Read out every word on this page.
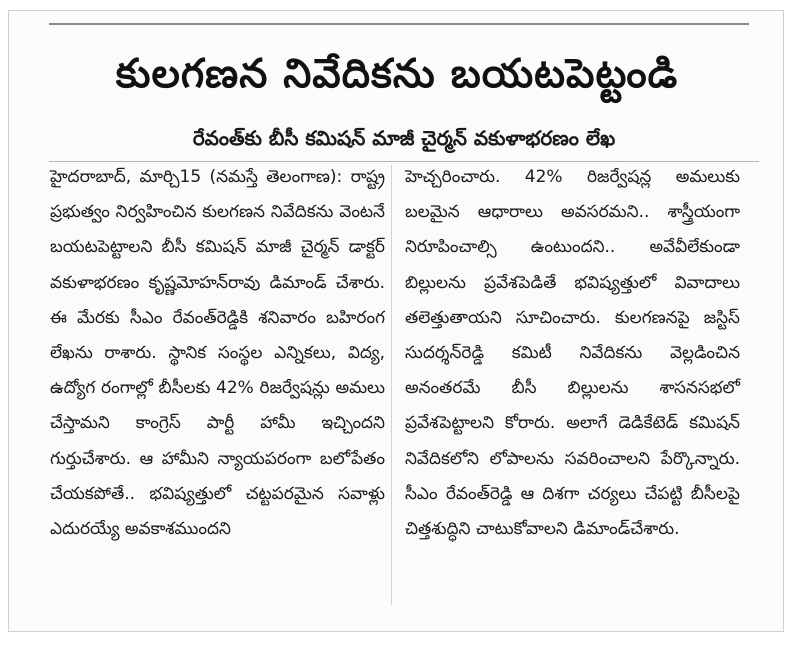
కులగణన నివేదికను బయటపెట్టండి
రేవంత్‌కు బీసీ కమిషన్‌ మాజీ చైర్మన్‌ వకుళాభరణం లేఖ

హైదరాబాద్‌, మార్చి15 (నమస్తే తెలంగాణ): రాష్ట్ర ప్రభుత్వం నిర్వహించిన కులగణన నివేదికను వెంటనే బయటపెట్టాలని బీసీ కమిషన్‌ మాజీ చైర్మన్‌ డాక్టర్‌ వకుళాభరణం కృష్ణమోహన్‌రావు డిమాండ్‌ చేశారు. ఈ మేరకు సీఎం రేవంత్‌రెడ్డికి శనివారం బహిరంగ లేఖను రాశారు. స్థానిక సంస్థల ఎన్నికలు, విద్య, ఉద్యోగ రంగాల్లో బీసీలకు 42% రిజర్వేషన్లు అమలు చేస్తామని కాంగ్రెస్‌ పార్టీ హామీ ఇచ్చిందని గుర్తుచేశారు. ఆ హామీని న్యాయపరంగా బలోపేతం చేయకపోతే.. భవిష్యత్తులో చట్టపరమైన సవాళ్లు ఎదురయ్యే అవకాశముందని

హెచ్చరించారు. 42% రిజర్వేషన్ల అమలుకు బలమైన ఆధారాలు అవసరమని.. శాస్త్రీయంగా నిరూపించాల్సి ఉంటుందని.. అవేవీలేకుండా బిల్లులను ప్రవేశపెడితే భవిష్యత్తులో వివాదాలు తలెత్తుతాయని సూచించారు. కులగణనపై జస్టిస్‌ సుదర్శన్‌రెడ్డి కమిటీ నివేదికను వెల్లడించిన అనంతరమే బీసీ బిల్లులను శాసనసభలో ప్రవేశపెట్టాలని కోరారు. అలాగే డెడికేటెడ్‌ కమిషన్‌ నివేదికలోని లోపాలను సవరించాలని పేర్కొన్నారు. సీఎం రేవంత్‌రెడ్డి ఆ దిశగా చర్యలు చేపట్టి బీసీలపై చిత్తశుద్ధిని చాటుకోవాలని డిమాండ్‌చేశారు.
